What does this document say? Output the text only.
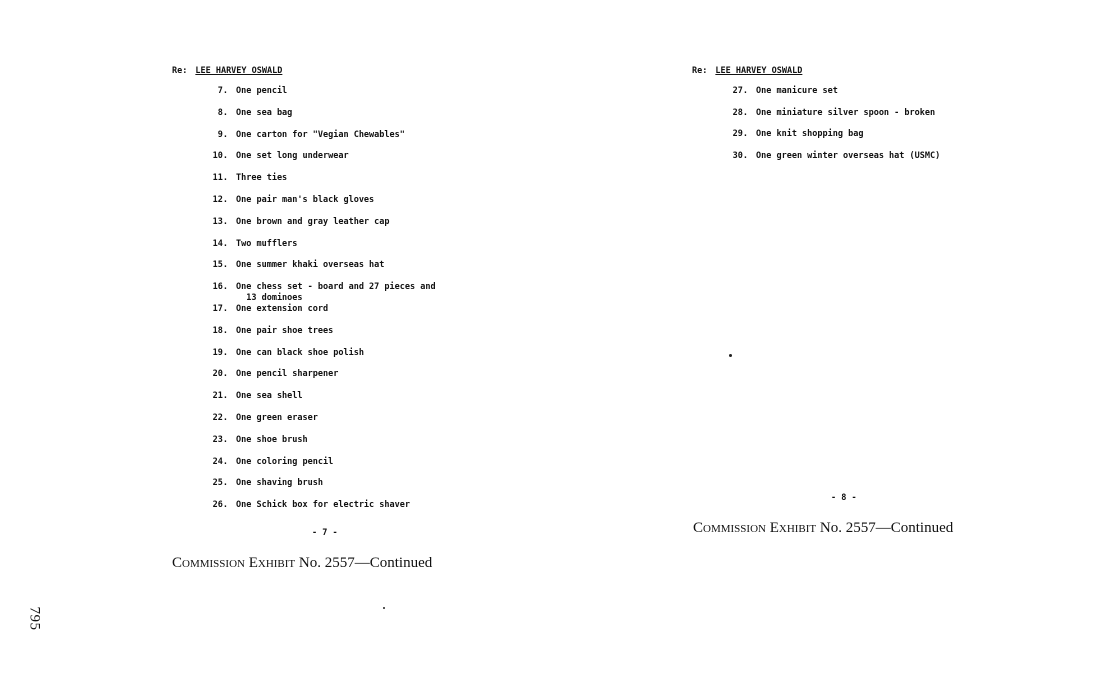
Re: LEE HARVEY OSWALD
7. One pencil
8. One sea bag
9. One carton for "Vegian Chewables"
10. One set long underwear
11. Three ties
12. One pair man's black gloves
13. One brown and gray leather cap
14. Two mufflers
15. One summer khaki overseas hat
16. One chess set - board and 27 pieces and
13 dominoes
17. One extension cord
18. One pair shoe trees
19. One can black shoe polish
20. One pencil sharpener
21. One sea shell
22. One green eraser
23. One shoe brush
24. One coloring pencil
25. One shaving brush
26. One Schick box for electric shaver
- 7 -
Commission Exhibit No. 2557—Continued
795
Re: LEE HARVEY OSWALD
27. One manicure set
28. One miniature silver spoon - broken
29. One knit shopping bag
30. One green winter overseas hat (USMC)
- 8 -
Commission Exhibit No. 2557—Continued
